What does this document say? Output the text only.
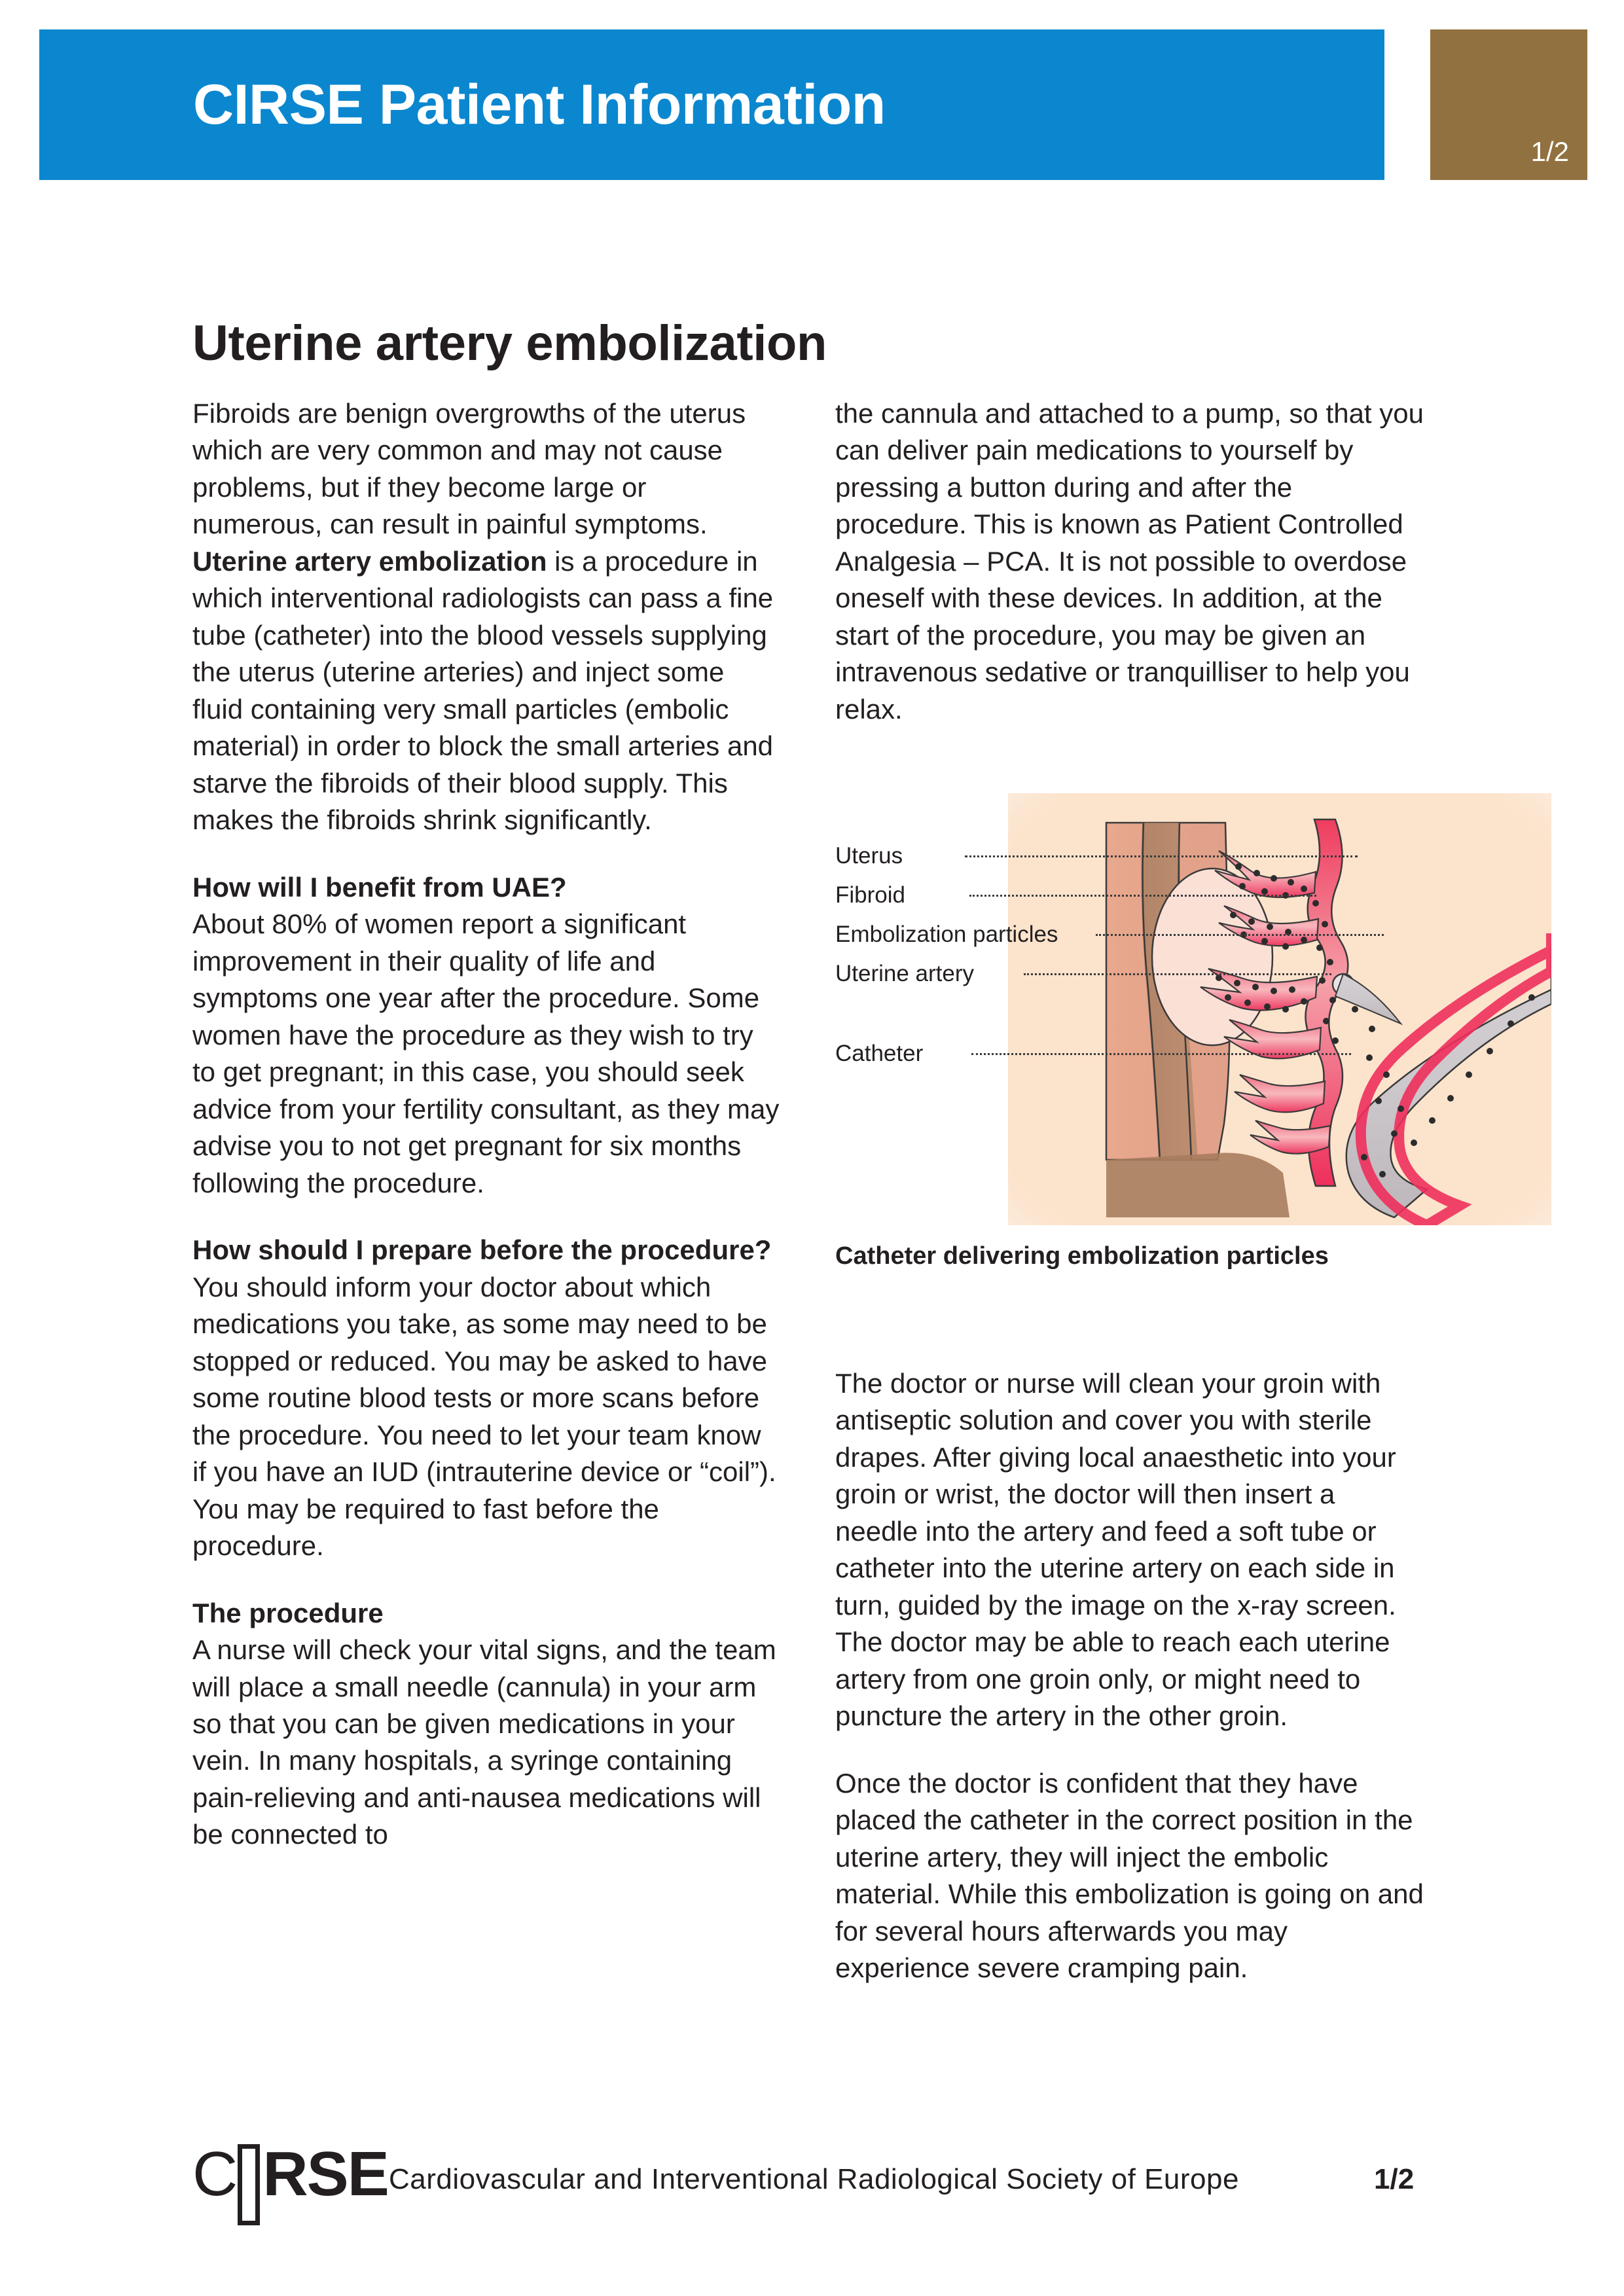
CIRSE Patient Information
1/2
Uterine artery embolization

Fibroids are benign overgrowths of the uterus which are very common and may not cause problems, but if they become large or numerous, can result in painful symptoms. Uterine artery embolization is a procedure in which interventional radiologists can pass a fine tube (catheter) into the blood vessels supplying the uterus (uterine arteries) and inject some fluid containing very small particles (embolic material) in order to block the small arteries and starve the fibroids of their blood supply. This makes the fibroids shrink significantly.

How will I benefit from UAE?

About 80% of women report a significant improvement in their quality of life and symptoms one year after the procedure. Some women have the procedure as they wish to try to get pregnant; in this case, you should seek advice from your fertility consultant, as they may advise you to not get pregnant for six months following the procedure.

How should I prepare before the procedure?

You should inform your doctor about which medications you take, as some may need to be stopped or reduced. You may be asked to have some routine blood tests or more scans before the procedure. You need to let your team know if you have an IUD (intrauterine device or “coil”). You may be required to fast before the procedure.

The procedure

A nurse will check your vital signs, and the team will place a small needle (cannula) in your arm so that you can be given medications in your vein. In many hospitals, a syringe containing pain-relieving and anti-nausea medications will be connected to

the cannula and attached to a pump, so that you can deliver pain medications to yourself by pressing a button during and after the procedure. This is known as Patient Controlled Analgesia – PCA. It is not possible to overdose oneself with these devices. In addition, at the start of the procedure, you may be given an intravenous sedative or tranquilliser to help you relax.

Uterus
Fibroid
Embolization particles
Uterine artery
Catheter
Catheter delivering embolization particles

The doctor or nurse will clean your groin with antiseptic solution and cover you with sterile drapes. After giving local anaesthetic into your groin or wrist, the doctor will then insert a needle into the artery and feed a soft tube or catheter into the uterine artery on each side in turn, guided by the image on the x-ray screen. The doctor may be able to reach each uterine artery from one groin only, or might need to puncture the artery in the other groin.

Once the doctor is confident that they have placed the catheter in the correct position in the uterine artery, they will inject the embolic material. While this embolization is going on and for several hours afterwards you may experience severe cramping pain.

C RSE Cardiovascular and Interventional Radiological Society of Europe	1/2
